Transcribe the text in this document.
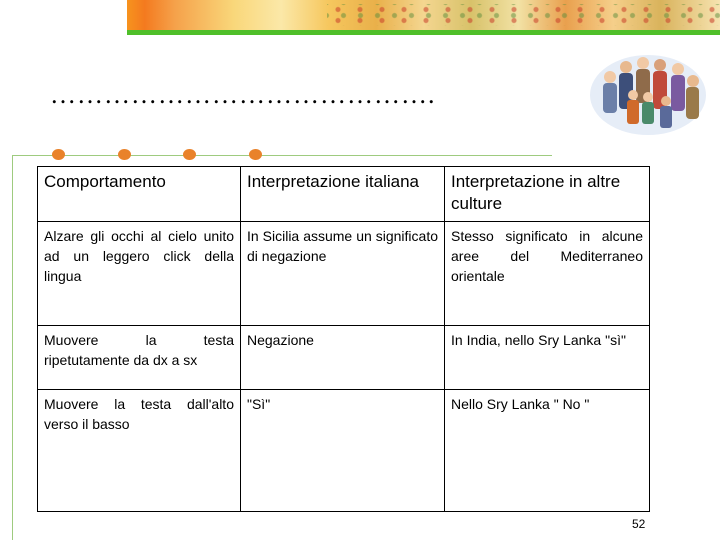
…………………………………….
Comportamento	Interpretazione italiana	Interpretazione in altre culture
Alzare gli occhi al cielo unito ad un leggero click della lingua	In Sicilia assume un significato di negazione	Stesso significato in alcune aree del Mediterraneo orientale
Muovere la testa ripetutamente da dx a sx	Negazione	In India, nello Sry Lanka "sì"
Muovere la testa dall'alto verso il basso	"Sì"	Nello Sry Lanka " No "
52
